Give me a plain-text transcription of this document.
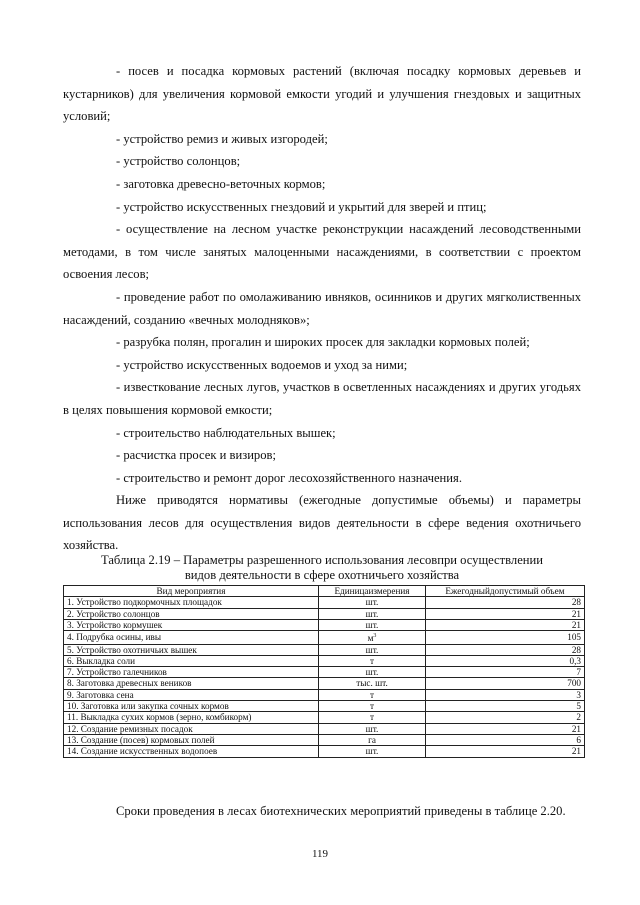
- посев и посадка кормовых растений (включая посадку кормовых деревьев и кустарников) для увеличения кормовой емкости угодий и улучшения гнездовых и защитных условий;

- устройство ремиз и живых изгородей;

- устройство солонцов;

- заготовка древесно-веточных кормов;

- устройство искусственных гнездовий и укрытий для зверей и птиц;

- осуществление на лесном участке реконструкции насаждений лесоводственными методами, в том числе занятых малоценными насаждениями, в соответствии с проектом освоения лесов;

- проведение работ по омолаживанию ивняков, осинников и других мягколиственных насаждений, созданию «вечных молодняков»;

- разрубка полян, прогалин и широких просек для закладки кормовых полей;

- устройство искусственных водоемов и уход за ними;

- известкование лесных лугов, участков в осветленных насаждениях и других угодьях в целях повышения кормовой емкости;

- строительство наблюдательных вышек;

- расчистка просек и визиров;

- строительство и ремонт дорог лесохозяйственного назначения.

Ниже приводятся нормативы (ежегодные допустимые объемы) и параметры использования лесов для осуществления видов деятельности в сфере ведения охотничьего хозяйства.

Таблица 2.19 – Параметры разрешенного использования лесовпри осуществлении
видов деятельности в сфере охотничьего хозяйства
Вид мероприятия	Единицаизмерения	Ежегодныйдопустимый объем
1. Устройство подкормочных площадок	шт.	28
2. Устройство солонцов	шт.	21
3. Устройство кормушек	шт.	21
4. Подрубка осины, ивы	$м^3$	105
5. Устройство охотничьих вышек	шт.	28
6. Выкладка соли	т	0,3
7. Устройство галечников	шт.	7
8. Заготовка древесных веников	тыс. шт.	700
9. Заготовка сена	т	3
10. Заготовка или закупка сочных кормов	т	5
11. Выкладка сухих кормов (зерно, комбикорм)	т	2
12. Создание ремизных посадок	шт.	21
13. Создание (посев) кормовых полей	га	6
14. Создание искусственных водопоев	шт.	21

Сроки проведения в лесах биотехнических мероприятий приведены в таблице 2.20.

119
